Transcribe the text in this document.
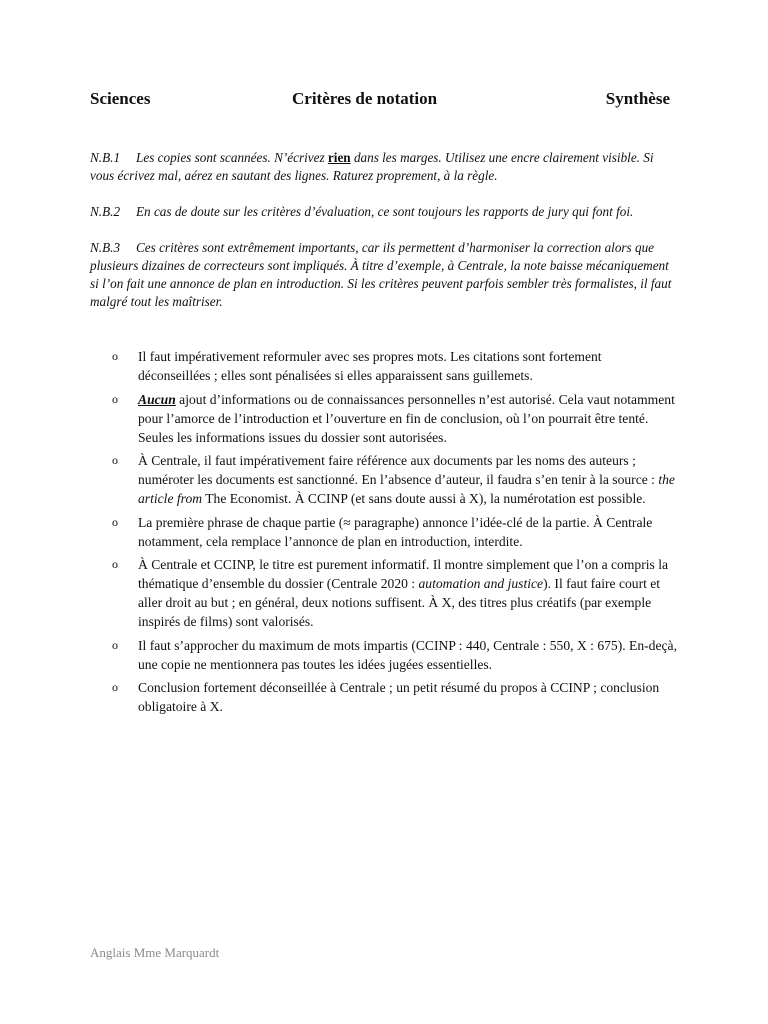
Sciences	Critères de notation	Synthèse
N.B.1 Les copies sont scannées. N’écrivez rien dans les marges. Utilisez une encre clairement visible. Si vous écrivez mal, aérez en sautant des lignes. Raturez proprement, à la règle.
N.B.2 En cas de doute sur les critères d’évaluation, ce sont toujours les rapports de jury qui font foi.
N.B.3 Ces critères sont extrêmement importants, car ils permettent d’harmoniser la correction alors que plusieurs dizaines de correcteurs sont impliqués. À titre d’exemple, à Centrale, la note baisse mécaniquement si l’on fait une annonce de plan en introduction. Si les critères peuvent parfois sembler très formalistes, il faut malgré tout les maîtriser.
o Il faut impérativement reformuler avec ses propres mots. Les citations sont fortement déconseillées ; elles sont pénalisées si elles apparaissent sans guillemets.
o Aucun ajout d’informations ou de connaissances personnelles n’est autorisé. Cela vaut notamment pour l’amorce de l’introduction et l’ouverture en fin de conclusion, où l’on pourrait être tenté. Seules les informations issues du dossier sont autorisées.
o À Centrale, il faut impérativement faire référence aux documents par les noms des auteurs ; numéroter les documents est sanctionné. En l’absence d’auteur, il faudra s’en tenir à la source : the article from The Economist. À CCINP (et sans doute aussi à X), la numérotation est possible.
o La première phrase de chaque partie (≈ paragraphe) annonce l’idée-clé de la partie. À Centrale notamment, cela remplace l’annonce de plan en introduction, interdite.
o À Centrale et CCINP, le titre est purement informatif. Il montre simplement que l’on a compris la thématique d’ensemble du dossier (Centrale 2020 : automation and justice). Il faut faire court et aller droit au but ; en général, deux notions suffisent. À X, des titres plus créatifs (par exemple inspirés de films) sont valorisés.
o Il faut s’approcher du maximum de mots impartis (CCINP : 440, Centrale : 550, X : 675). En-deçà, une copie ne mentionnera pas toutes les idées jugées essentielles.
o Conclusion fortement déconseillée à Centrale ; un petit résumé du propos à CCINP ; conclusion obligatoire à X.
Anglais Mme Marquardt
